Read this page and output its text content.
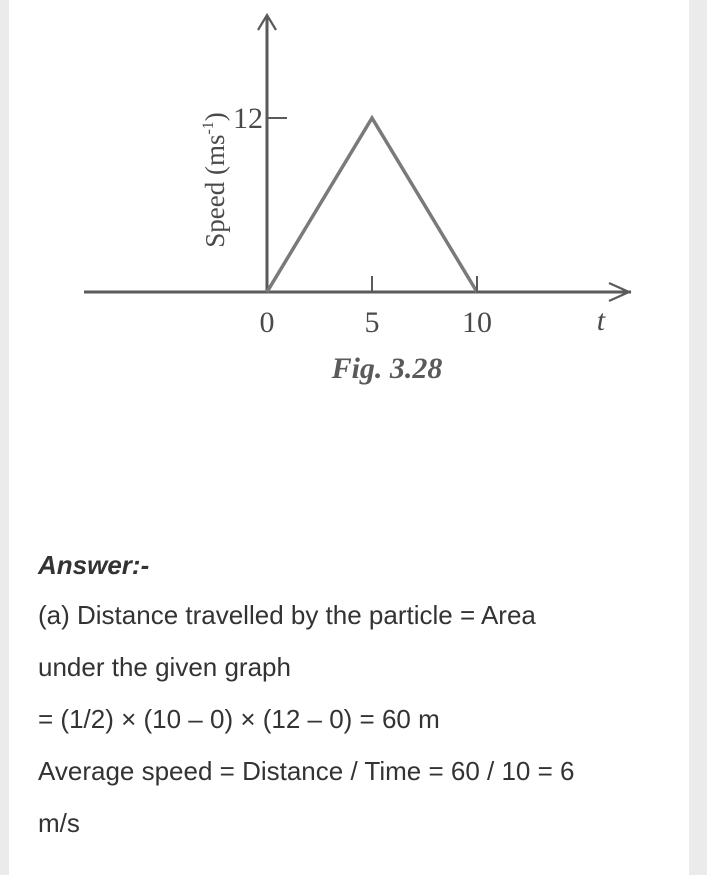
0	5	10
12
t
Speed $(ms^{-1})$
Fig. 3.28

Answer:-

(a) Distance travelled by the particle = Area

under the given graph

= (1/2) × (10 – 0) × (12 – 0) = 60 m

Average speed = Distance / Time = 60 / 10 = 6

m/s
